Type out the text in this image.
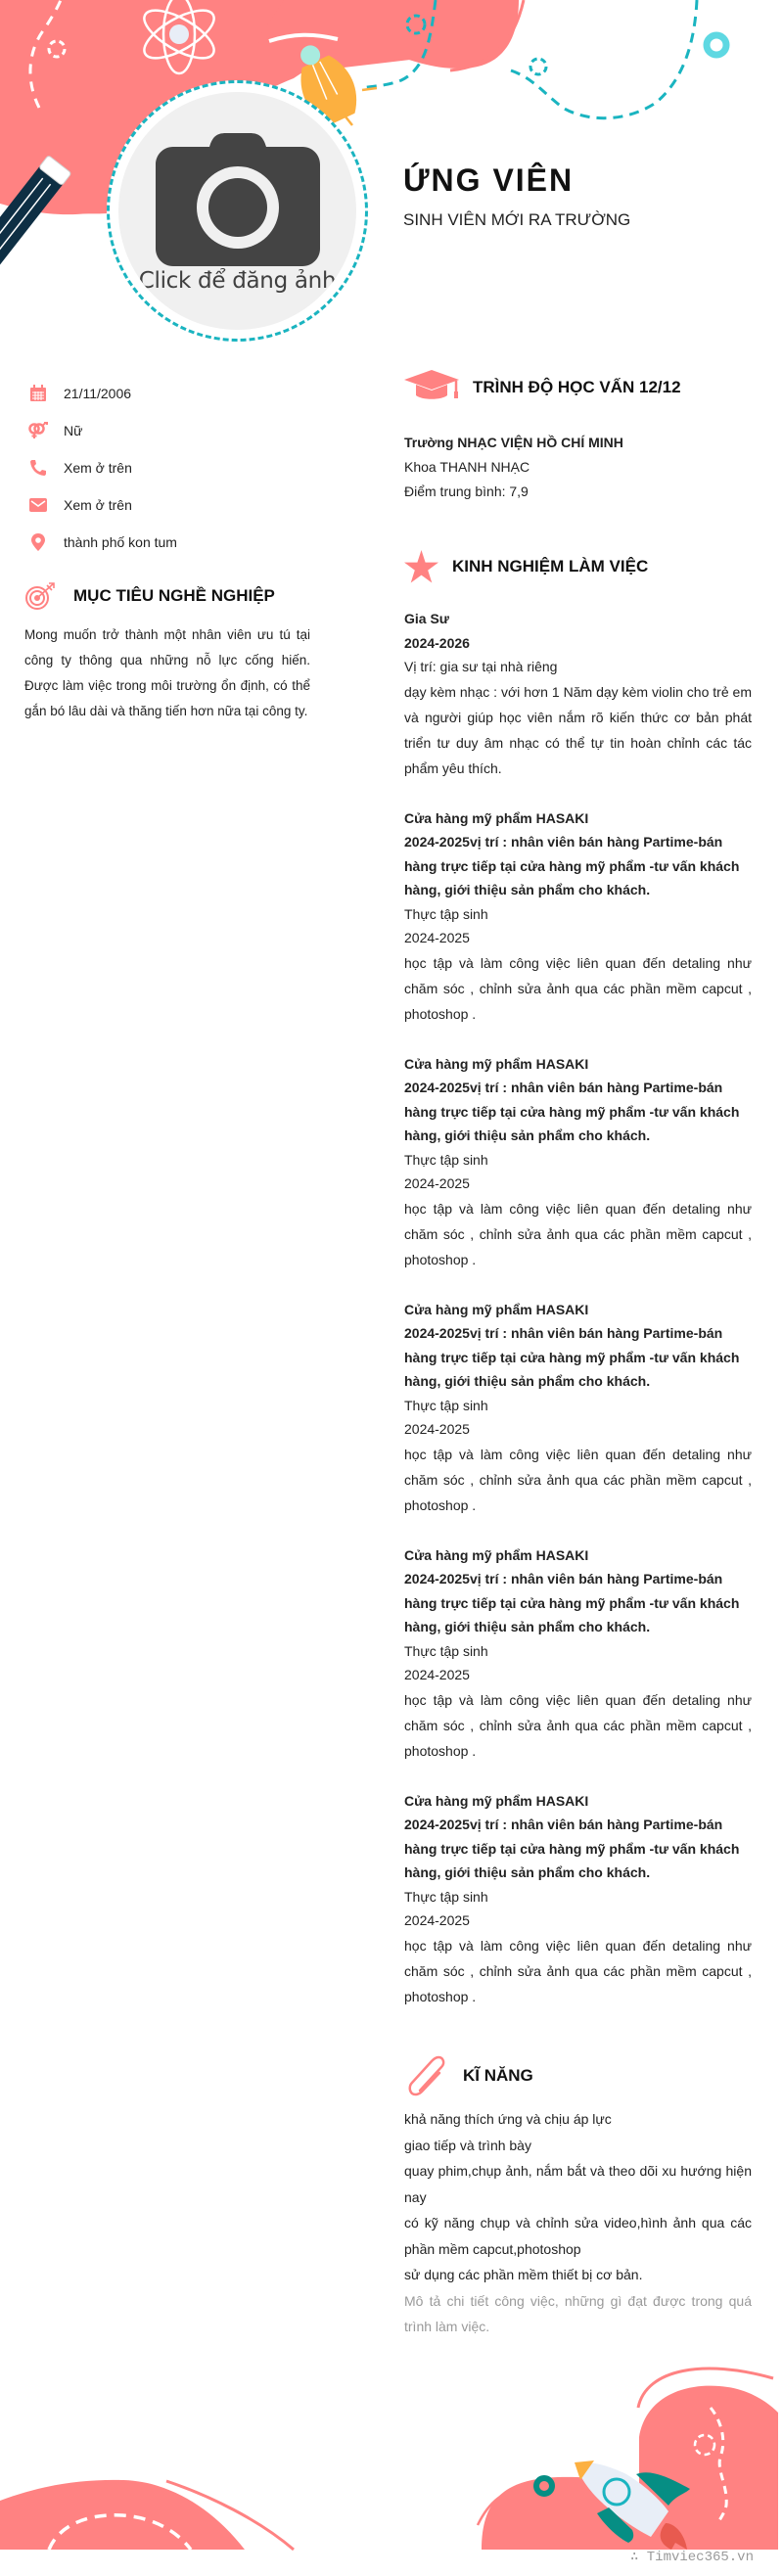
Click để đăng ảnh
ỨNG VIÊN
SINH VIÊN MỚI RA TRƯỜNG
21/11/2006
Nữ
Xem ở trên
Xem ở trên
thành phố kon tum
MỤC TIÊU NGHỀ NGHIỆP
Mong muốn trở thành một nhân viên ưu tú tại công ty thông qua những nỗ lực cống hiến. Được làm việc trong môi trường ổn định, có thể gắn bó lâu dài và thăng tiến hơn nữa tại công ty.
TRÌNH ĐỘ HỌC VẤN 12/12
Trường NHẠC VIỆN HỒ CHÍ MINH
Khoa THANH NHẠC
Điểm trung bình: 7,9
KINH NGHIỆM LÀM VIỆC
Gia Sư
2024-2026
Vị trí: gia sư tại nhà riêng
dạy kèm nhạc : với hơn 1 Năm dạy kèm violin cho trẻ em và người giúp học viên nắm rõ kiến thức cơ bản phát triển tư duy âm nhạc có thể tự tin hoàn chỉnh các tác phẩm yêu thích.
Cửa hàng mỹ phẩm HASAKI
2024-2025vị trí : nhân viên bán hàng Partime-bán hàng trực tiếp tại cửa hàng mỹ phẩm -tư vấn khách hàng, giới thiệu sản phẩm cho khách.
Thực tập sinh
2024-2025
học tập và làm công việc liên quan đến detaling như chăm sóc , chỉnh sửa ảnh qua các phần mềm capcut , photoshop .
Cửa hàng mỹ phẩm HASAKI
2024-2025vị trí : nhân viên bán hàng Partime-bán hàng trực tiếp tại cửa hàng mỹ phẩm -tư vấn khách hàng, giới thiệu sản phẩm cho khách.
Thực tập sinh
2024-2025
học tập và làm công việc liên quan đến detaling như chăm sóc , chỉnh sửa ảnh qua các phần mềm capcut , photoshop .
Cửa hàng mỹ phẩm HASAKI
2024-2025vị trí : nhân viên bán hàng Partime-bán hàng trực tiếp tại cửa hàng mỹ phẩm -tư vấn khách hàng, giới thiệu sản phẩm cho khách.
Thực tập sinh
2024-2025
học tập và làm công việc liên quan đến detaling như chăm sóc , chỉnh sửa ảnh qua các phần mềm capcut , photoshop .
Cửa hàng mỹ phẩm HASAKI
2024-2025vị trí : nhân viên bán hàng Partime-bán hàng trực tiếp tại cửa hàng mỹ phẩm -tư vấn khách hàng, giới thiệu sản phẩm cho khách.
Thực tập sinh
2024-2025
học tập và làm công việc liên quan đến detaling như chăm sóc , chỉnh sửa ảnh qua các phần mềm capcut , photoshop .
Cửa hàng mỹ phẩm HASAKI
2024-2025vị trí : nhân viên bán hàng Partime-bán hàng trực tiếp tại cửa hàng mỹ phẩm -tư vấn khách hàng, giới thiệu sản phẩm cho khách.
Thực tập sinh
2024-2025
học tập và làm công việc liên quan đến detaling như chăm sóc , chỉnh sửa ảnh qua các phần mềm capcut , photoshop .
KĨ NĂNG
khả năng thích ứng và chịu áp lực
giao tiếp và trình bày
quay phim,chụp ảnh, nắm bắt và theo dõi xu hướng hiện nay
có kỹ năng chụp và chỉnh sửa video,hình ảnh qua các phần mềm capcut,photoshop
sử dụng các phần mềm thiết bị cơ bản.
Mô tả chi tiết công việc, những gì đạt được trong quá trình làm việc.
∴ Timviec365.vn
